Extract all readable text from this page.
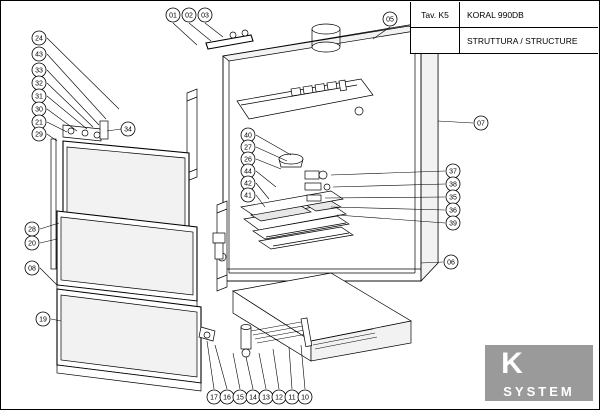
01 02 03
05
24
43
33
32
31
30
21
29
34
28
20
08
19
40
27
26
44
42
41
07
37
38
35
36
39
06
17 16 15 14 13 12 11 10
Tav. K5	KORAL 990DB
STRUTTURA / STRUCTURE
K
SYSTEM
